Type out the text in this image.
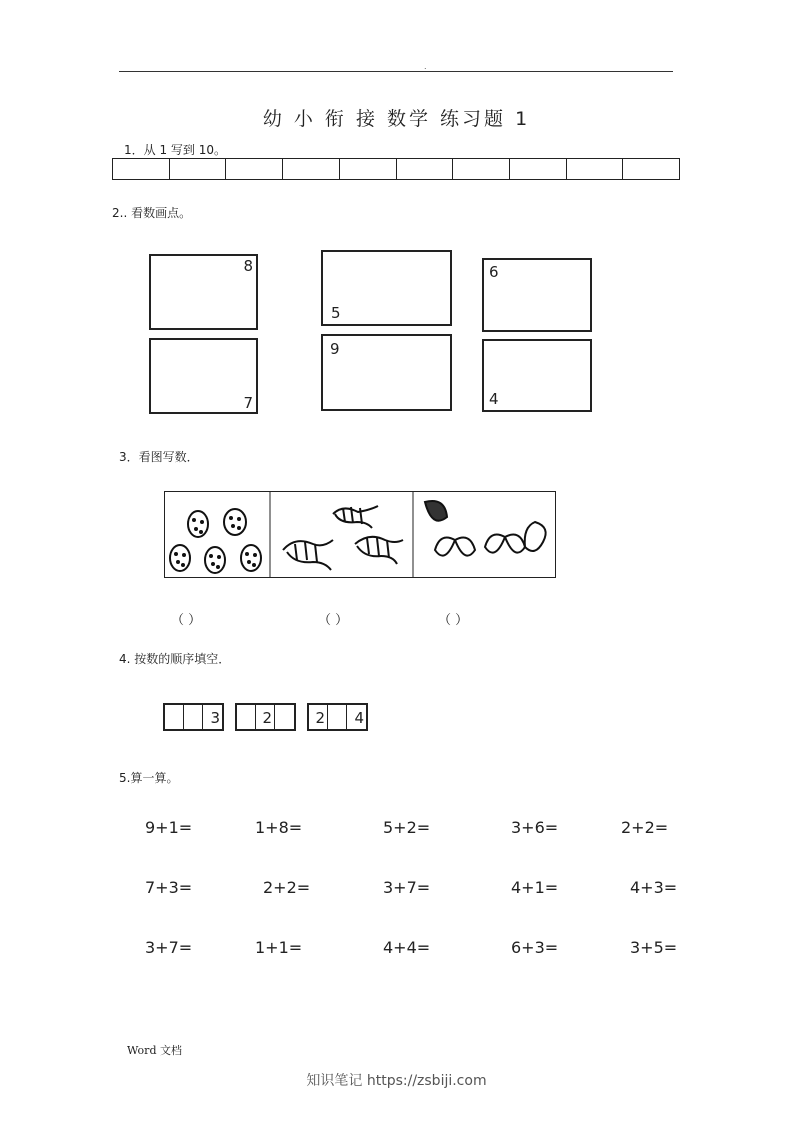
.
幼 小 衔 接 数学 练习题 1
1．从 1 写到 10。
2.. 看数画点。
8
5
6
7
9
4
3．看图写数．
（ ）	（ ）	（ ）
4. 按数的顺序填空．
3	2	2	4
5.算一算。
9+1=	1+8=	5+2=	3+6=	2+2=
7+3=	2+2=	3+7=	4+1=	4+3=
3+7=	1+1=	4+4=	6+3=	3+5=
Word 文档
知识笔记 https://zsbiji.com
